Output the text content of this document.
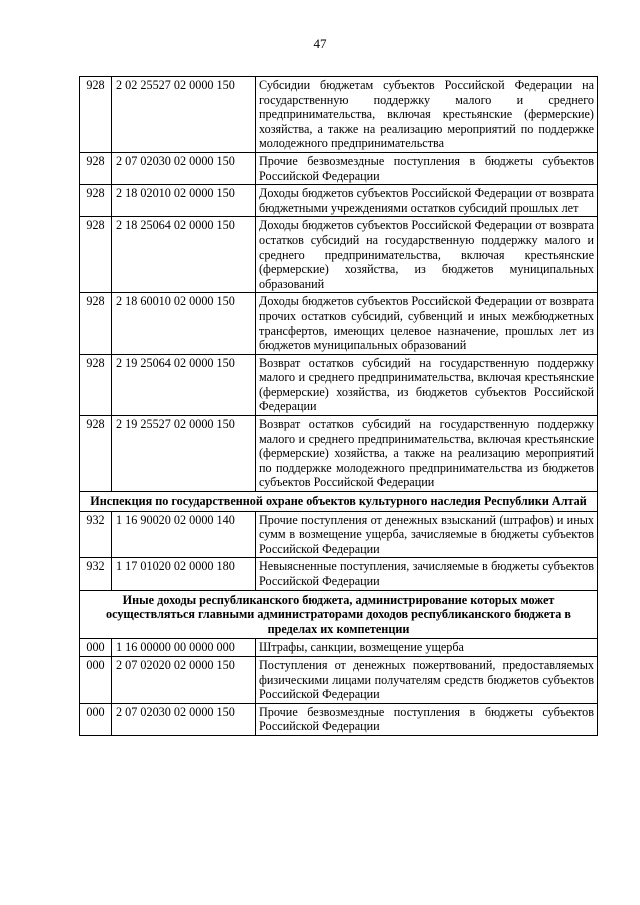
47
928	2 02 25527 02 0000 150	Субсидии бюджетам субъектов Российской Федерации на государственную поддержку малого и среднего предпринимательства, включая крестьянские (фермерские) хозяйства, а также на реализацию мероприятий по поддержке молодежного предпринимательства
928	2 07 02030 02 0000 150	Прочие безвозмездные поступления в бюджеты субъектов Российской Федерации
928	2 18 02010 02 0000 150	Доходы бюджетов субъектов Российской Федерации от возврата бюджетными учреждениями остатков субсидий прошлых лет
928	2 18 25064 02 0000 150	Доходы бюджетов субъектов Российской Федерации от возврата остатков субсидий на государственную поддержку малого и среднего предпринимательства, включая крестьянские (фермерские) хозяйства, из бюджетов муниципальных образований
928	2 18 60010 02 0000 150	Доходы бюджетов субъектов Российской Федерации от возврата прочих остатков субсидий, субвенций и иных межбюджетных трансфертов, имеющих целевое назначение, прошлых лет из бюджетов муниципальных образований
928	2 19 25064 02 0000 150	Возврат остатков субсидий на государственную поддержку малого и среднего предпринимательства, включая крестьянские (фермерские) хозяйства, из бюджетов субъектов Российской Федерации
928	2 19 25527 02 0000 150	Возврат остатков субсидий на государственную поддержку малого и среднего предпринимательства, включая крестьянские (фермерские) хозяйства, а также на реализацию мероприятий по поддержке молодежного предпринимательства из бюджетов субъектов Российской Федерации
Инспекция по государственной охране объектов культурного наследия Республики Алтай		
932	1 16 90020 02 0000 140	Прочие поступления от денежных взысканий (штрафов) и иных сумм в возмещение ущерба, зачисляемые в бюджеты субъектов Российской Федерации
932	1 17 01020 02 0000 180	Невыясненные поступления, зачисляемые в бюджеты субъектов Российской Федерации
Иные доходы республиканского бюджета, администрирование которых может осуществляться главными администраторами доходов республиканского бюджета в пределах их компетенции		
000	1 16 00000 00 0000 000	Штрафы, санкции, возмещение ущерба
000	2 07 02020 02 0000 150	Поступления от денежных пожертвований, предоставляемых физическими лицами получателям средств бюджетов субъектов Российской Федерации
000	2 07 02030 02 0000 150	Прочие безвозмездные поступления в бюджеты субъектов Российской Федерации
